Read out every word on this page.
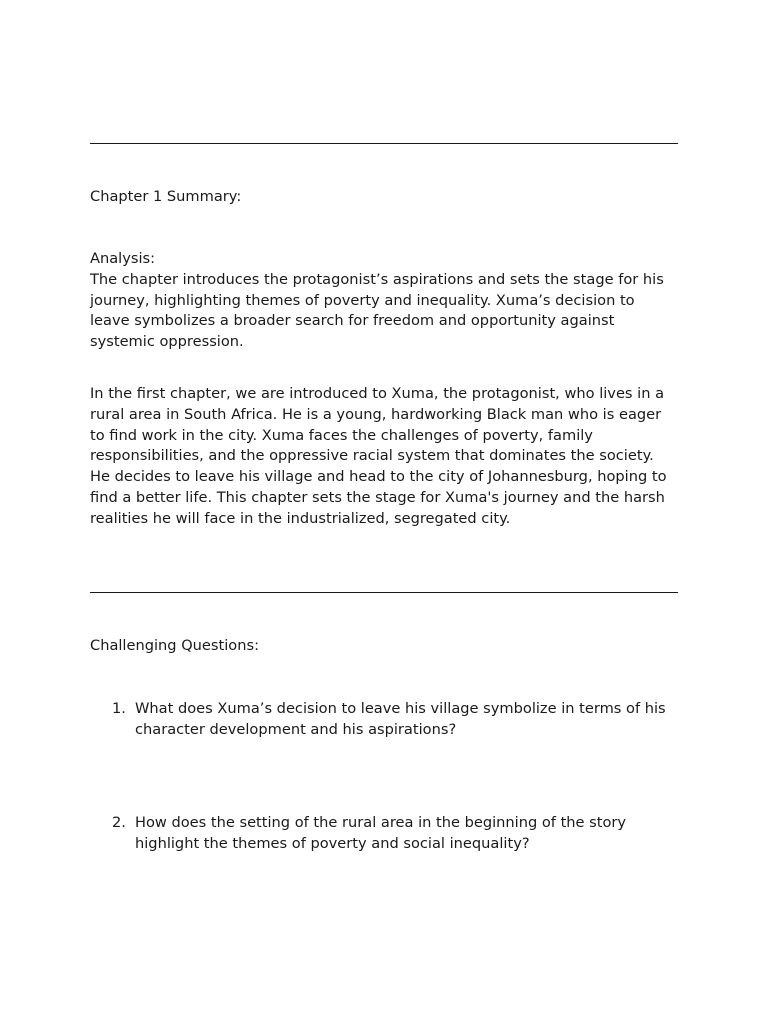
Chapter 1 Summary:
Analysis:
The chapter introduces the protagonist’s aspirations and sets the stage for his journey, highlighting themes of poverty and inequality. Xuma’s decision to leave symbolizes a broader search for freedom and opportunity against systemic oppression.
In the first chapter, we are introduced to Xuma, the protagonist, who lives in a rural area in South Africa. He is a young, hardworking Black man who is eager to find work in the city. Xuma faces the challenges of poverty, family responsibilities, and the oppressive racial system that dominates the society. He decides to leave his village and head to the city of Johannesburg, hoping to find a better life. This chapter sets the stage for Xuma's journey and the harsh realities he will face in the industrialized, segregated city.
Challenging Questions:
1. What does Xuma’s decision to leave his village symbolize in terms of his character development and his aspirations?
2. How does the setting of the rural area in the beginning of the story highlight the themes of poverty and social inequality?
